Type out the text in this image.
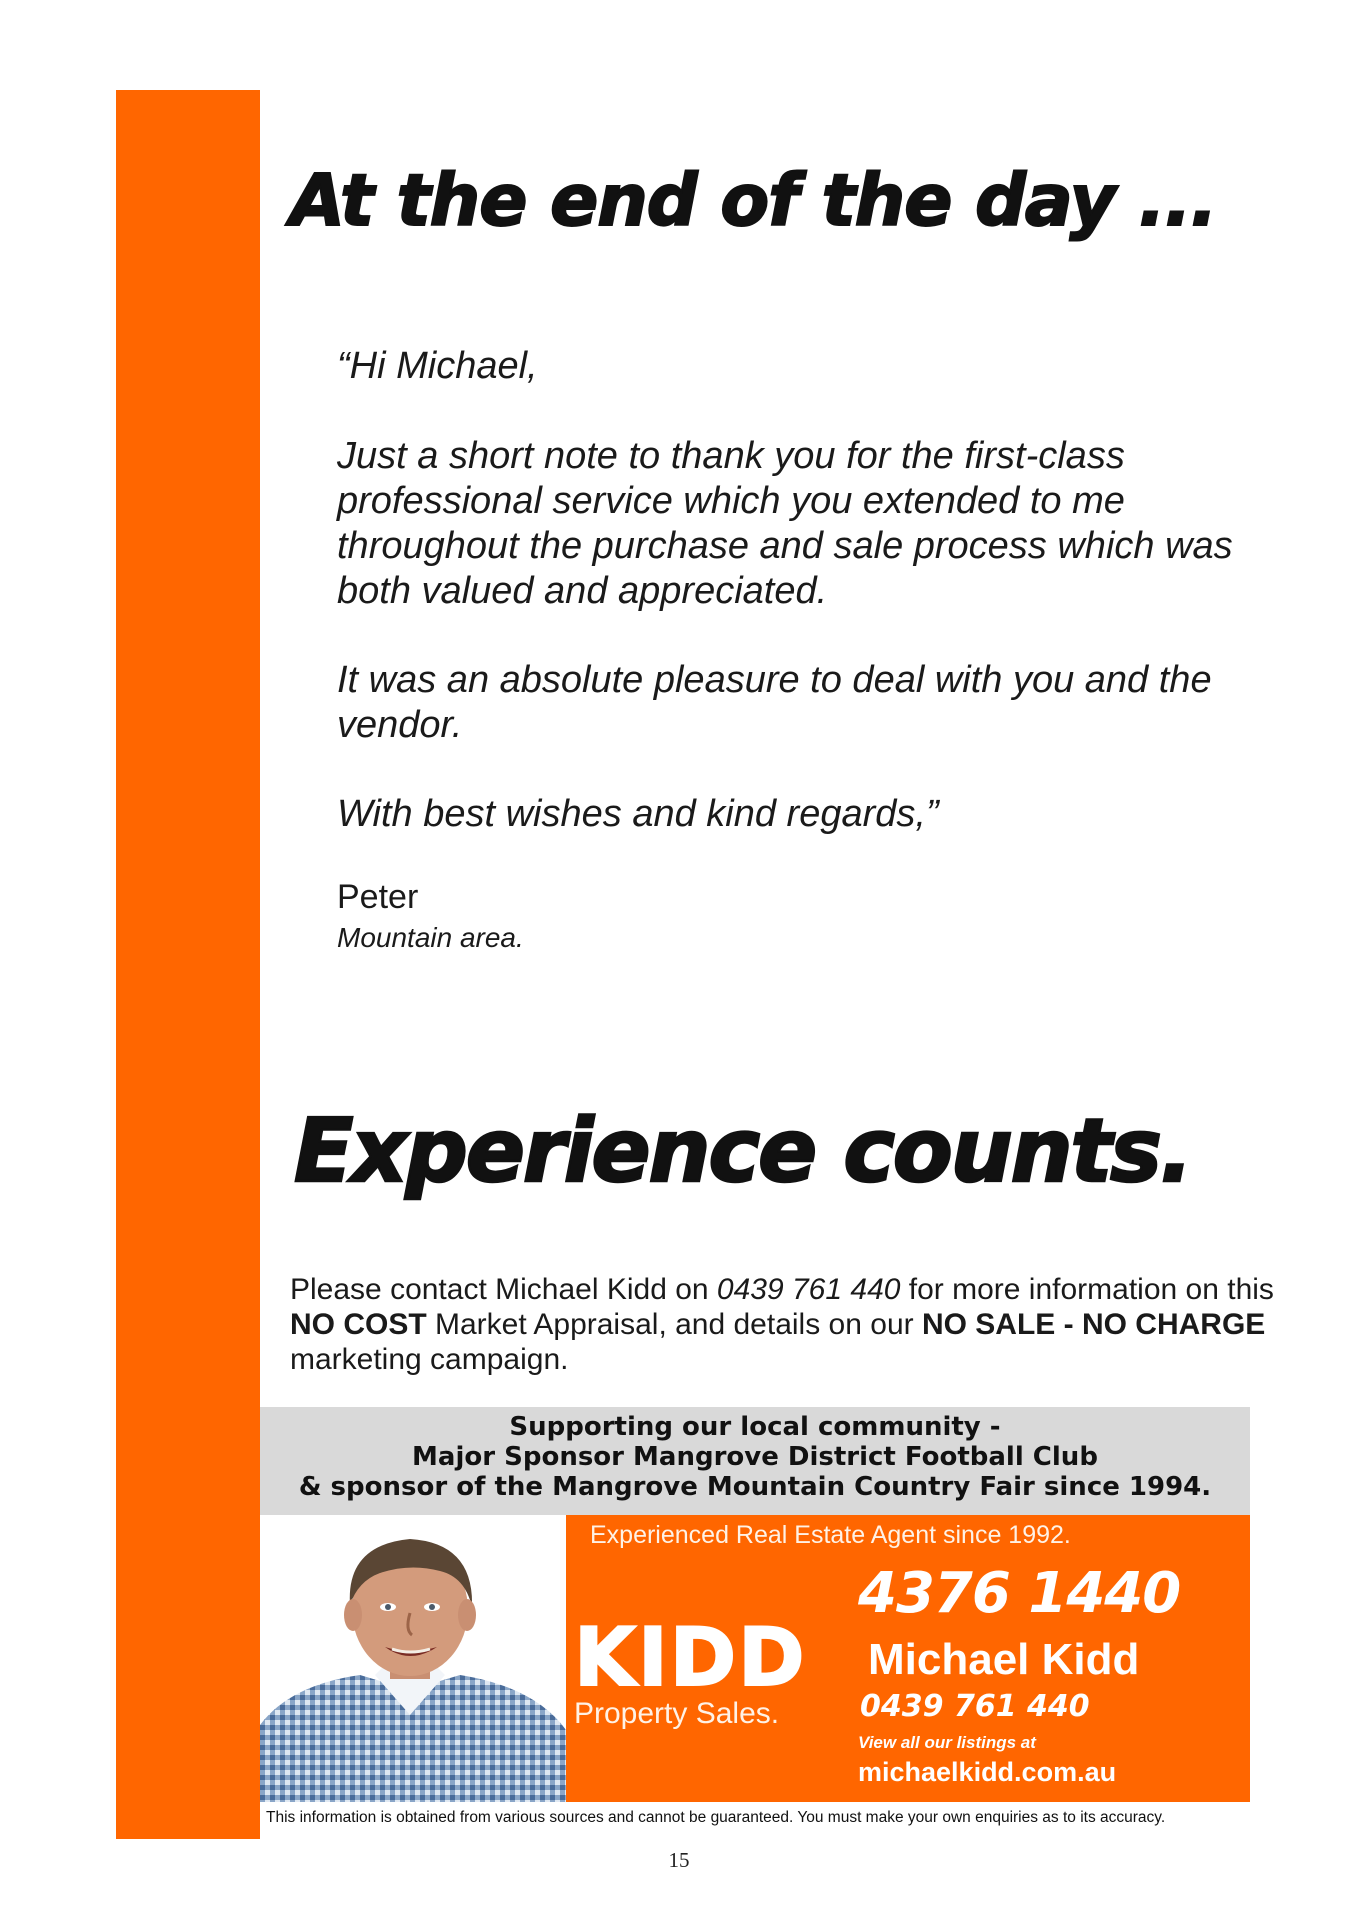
At the end of the day ...

“Hi Michael,

Just a short note to thank you for the first-class professional service which you extended to me throughout the purchase and sale process which was both valued and appreciated.

It was an absolute pleasure to deal with you and the vendor.

With best wishes and kind regards,”

Peter
Mountain area.
Experience counts.
Please contact Michael Kidd on 0439 761 440 for more information on this NO COST Market Appraisal, and details on our NO SALE - NO CHARGE marketing campaign.
Supporting our local community -
Major Sponsor Mangrove District Football Club
& sponsor of the Mangrove Mountain Country Fair since 1994.
Experienced Real Estate Agent since 1992.
KIDD
Property Sales.
4376 1440
Michael Kidd
0439 761 440
View all our listings at
michaelkidd.com.au
This information is obtained from various sources and cannot be guaranteed. You must make your own enquiries as to its accuracy.
15
